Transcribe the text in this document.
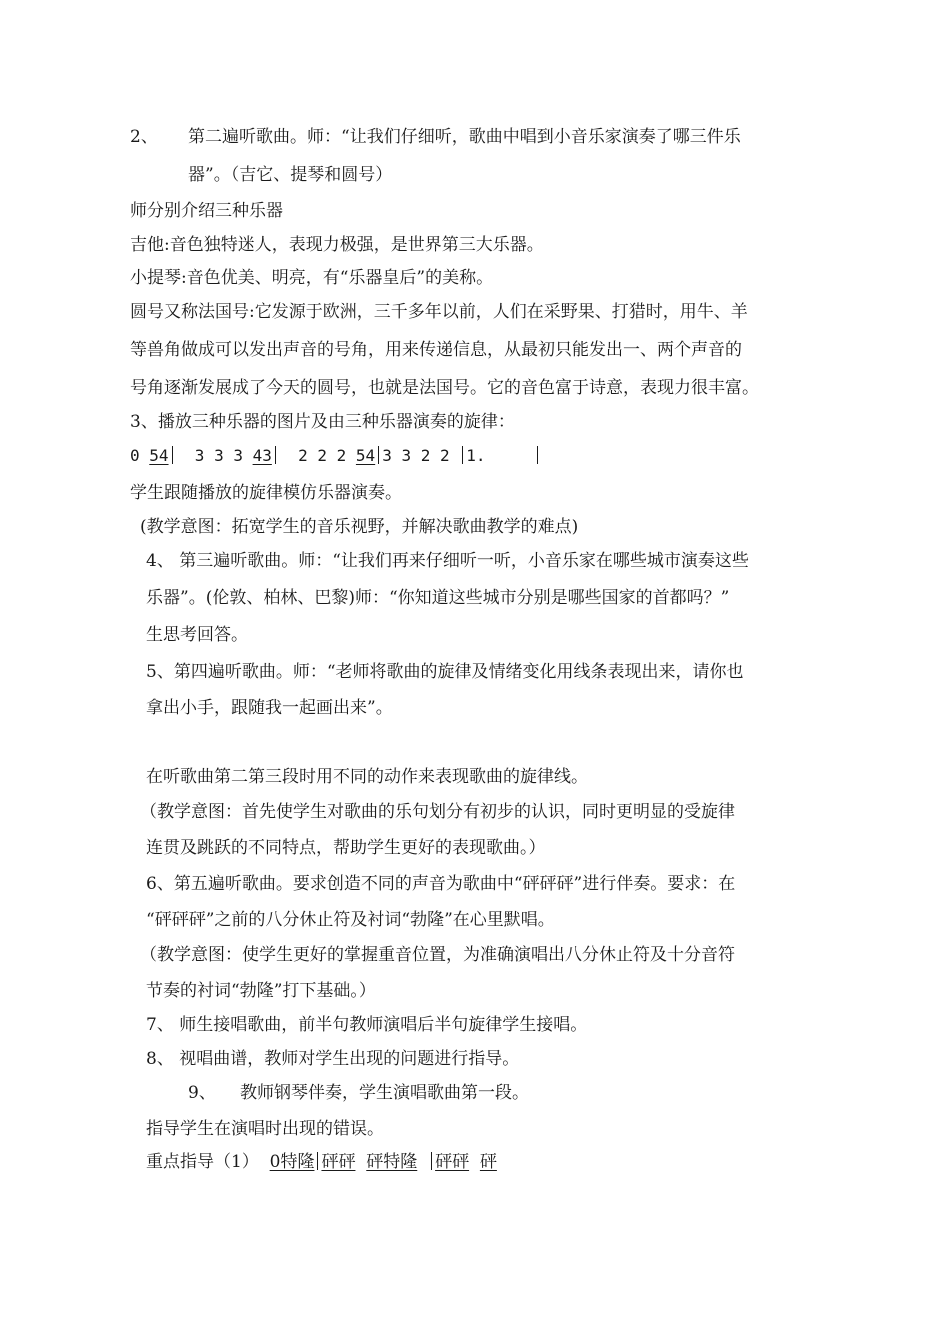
2、 第二遍听歌曲。师：“让我们仔细听，歌曲中唱到小音乐家演奏了哪三件乐
器”。（吉它、提琴和圆号）
师分别介绍三种乐器
吉他:音色独特迷人，表现力极强，是世界第三大乐器。
小提琴:音色优美、明亮，有“乐器皇后”的美称。
圆号又称法国号:它发源于欧洲，三千多年以前，人们在采野果、打猎时，用牛、羊
等兽角做成可以发出声音的号角，用来传递信息，从最初只能发出一、两个声音的
号角逐渐发展成了今天的圆号，也就是法国号。它的音色富于诗意，表现力很丰富。
3、播放三种乐器的图片及由三种乐器演奏的旋律：
0 54  3 3 3 43  2 2 2 54 3 3 2 2 1.
学生跟随播放的旋律模仿乐器演奏。
(教学意图：拓宽学生的音乐视野，并解决歌曲教学的难点)
4、 第三遍听歌曲。师：“让我们再来仔细听一听，小音乐家在哪些城市演奏这些
乐器”。(伦敦、柏林、巴黎)师：“你知道这些城市分别是哪些国家的首都吗？”
生思考回答。
5、第四遍听歌曲。师：“老师将歌曲的旋律及情绪变化用线条表现出来，请你也
拿出小手，跟随我一起画出来”。
在听歌曲第二第三段时用不同的动作来表现歌曲的旋律线。
（教学意图：首先使学生对歌曲的乐句划分有初步的认识，同时更明显的受旋律
连贯及跳跃的不同特点，帮助学生更好的表现歌曲。）
6、第五遍听歌曲。要求创造不同的声音为歌曲中“砰砰砰”进行伴奏。要求：在
“砰砰砰”之前的八分休止符及衬词“勃隆”在心里默唱。
（教学意图：使学生更好的掌握重音位置，为准确演唱出八分休止符及十分音符
节奏的衬词“勃隆”打下基础。）
7、 师生接唱歌曲，前半句教师演唱后半句旋律学生接唱。
8、 视唱曲谱，教师对学生出现的问题进行指导。
9、 教师钢琴伴奏，学生演唱歌曲第一段。
指导学生在演唱时出现的错误。
重点指导（1）  0特隆 砰砰 砰特隆 砰砰 砰
